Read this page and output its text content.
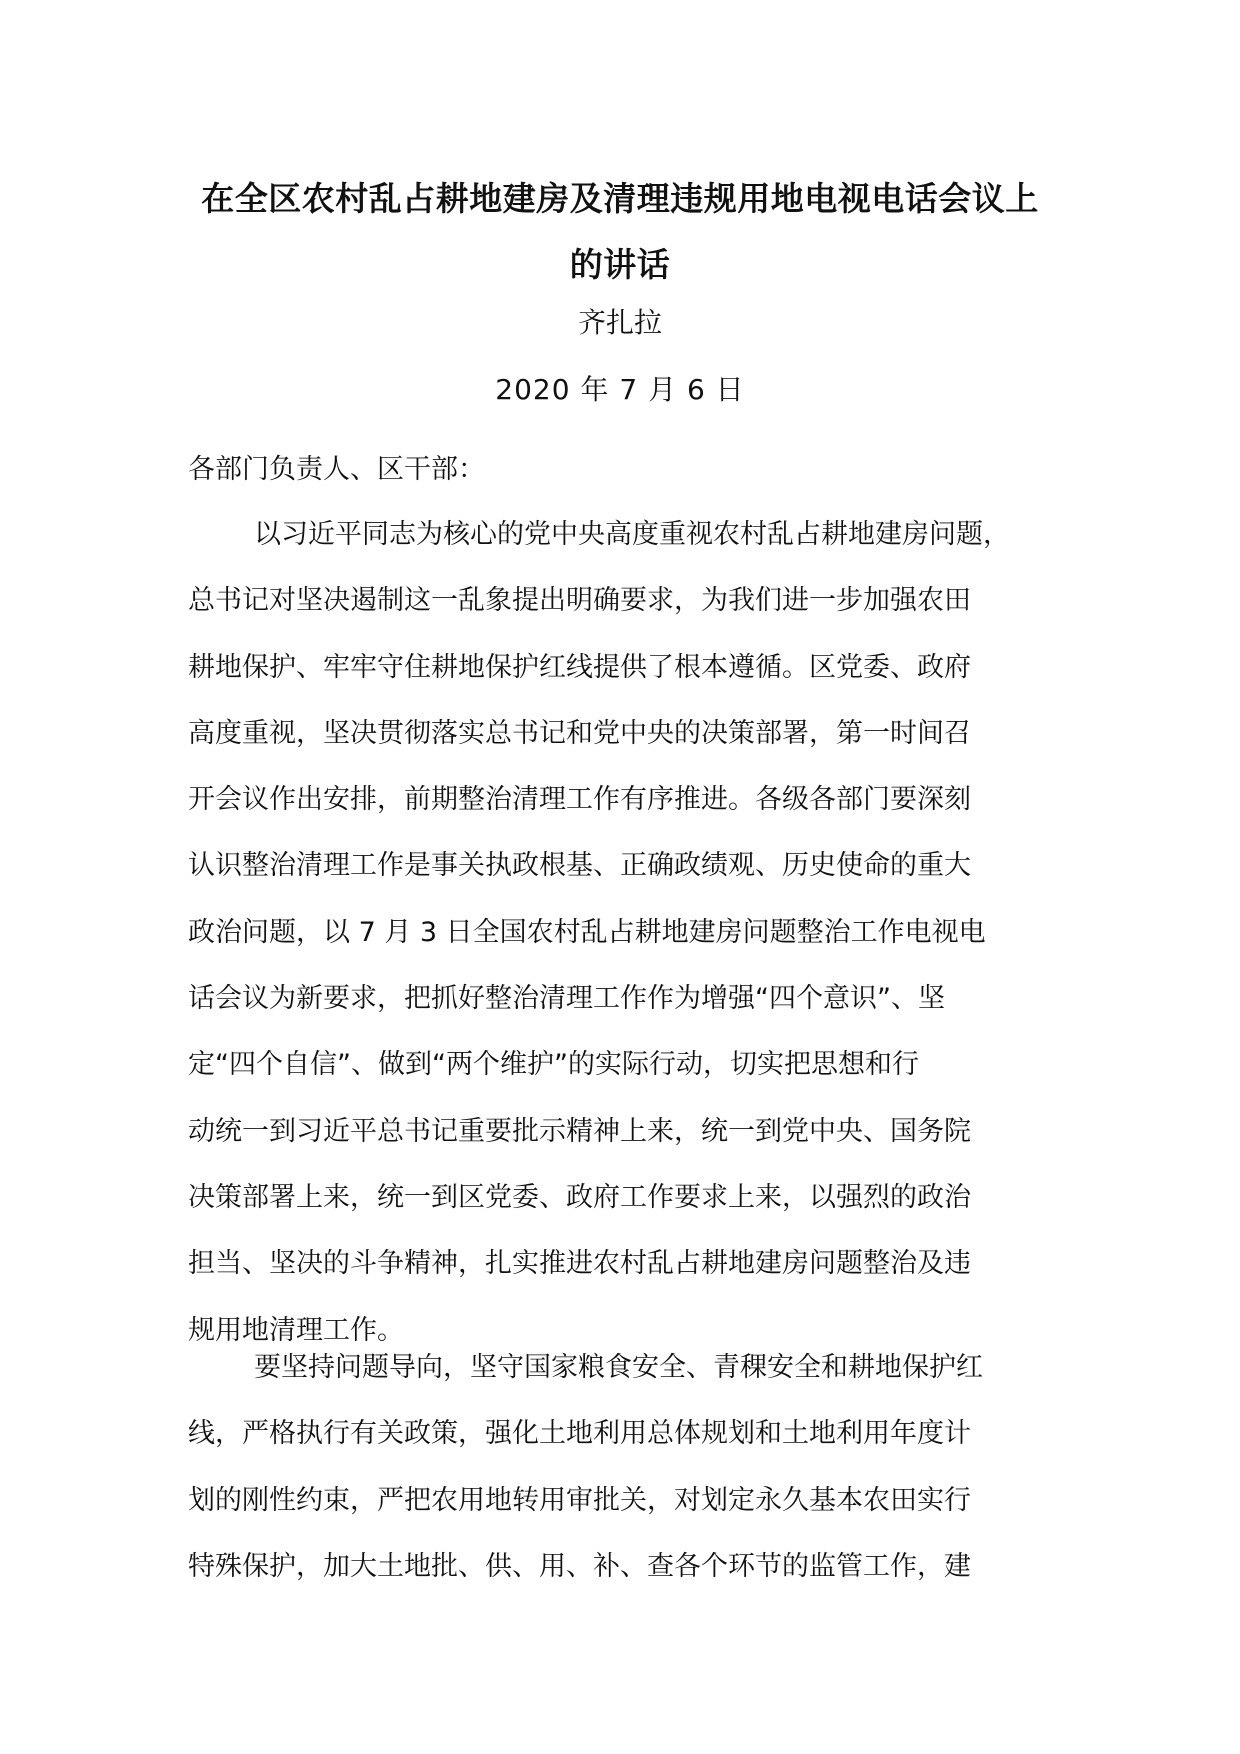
在全区农村乱占耕地建房及清理违规用地电视电话会议上
的讲话
齐扎拉
2020 年 7 月 6 日
各部门负责人、区干部：
以习近平同志为核心的党中央高度重视农村乱占耕地建房问题，
总书记对坚决遏制这一乱象提出明确要求，为我们进一步加强农田
耕地保护、牢牢守住耕地保护红线提供了根本遵循。区党委、政府
高度重视，坚决贯彻落实总书记和党中央的决策部署，第一时间召
开会议作出安排，前期整治清理工作有序推进。各级各部门要深刻
认识整治清理工作是事关执政根基、正确政绩观、历史使命的重大
政治问题，以 7 月 3 日全国农村乱占耕地建房问题整治工作电视电
话会议为新要求，把抓好整治清理工作作为增强“四个意识”、坚
定“四个自信”、做到“两个维护”的实际行动，切实把思想和行
动统一到习近平总书记重要批示精神上来，统一到党中央、国务院
决策部署上来，统一到区党委、政府工作要求上来，以强烈的政治
担当、坚决的斗争精神，扎实推进农村乱占耕地建房问题整治及违
规用地清理工作。
要坚持问题导向，坚守国家粮食安全、青稞安全和耕地保护红
线，严格执行有关政策，强化土地利用总体规划和土地利用年度计
划的刚性约束，严把农用地转用审批关，对划定永久基本农田实行
特殊保护，加大土地批、供、用、补、查各个环节的监管工作，建
